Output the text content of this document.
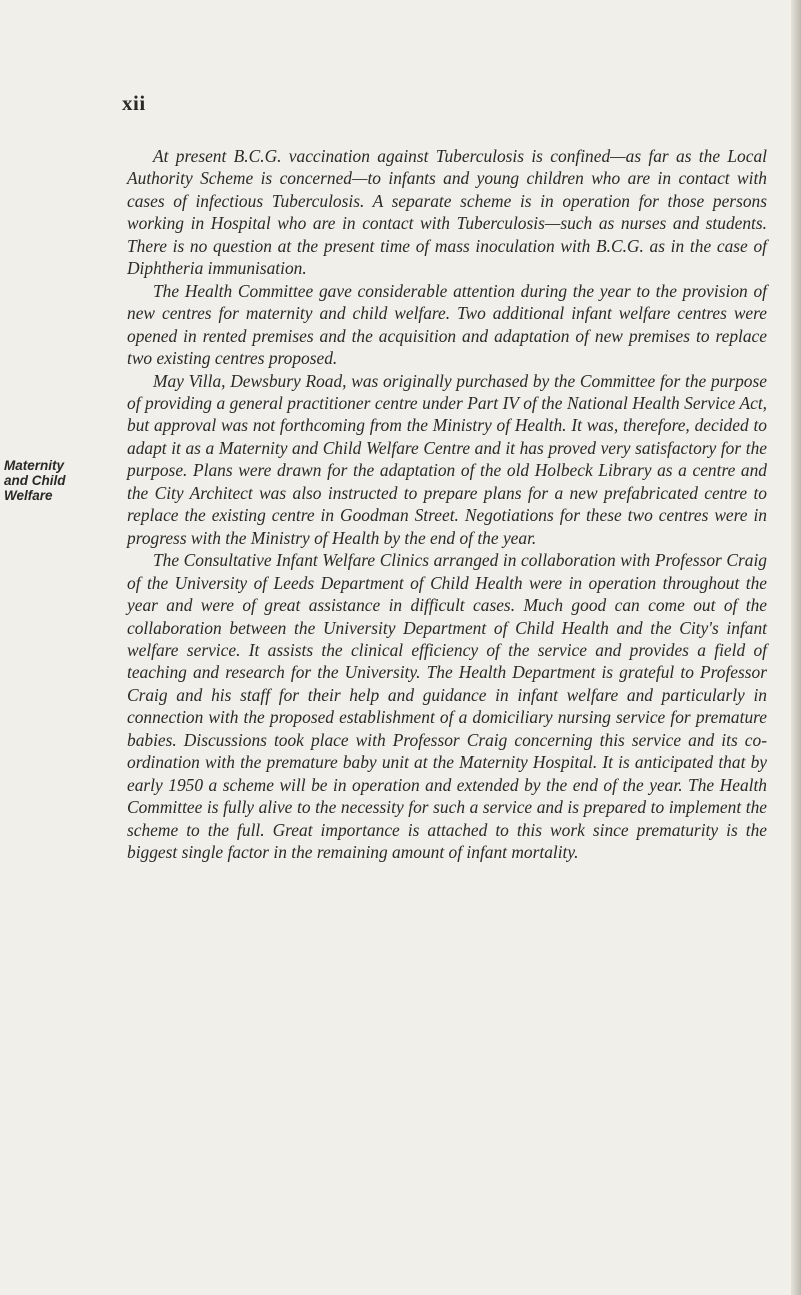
xii
Maternity
and Child
Welfare

At present B.C.G. vaccination against Tuberculosis is confined—as far as the Local Authority Scheme is concerned—to infants and young children who are in contact with cases of infectious Tuberculosis. A separate scheme is in operation for those persons working in Hospital who are in contact with Tuberculosis—such as nurses and students. There is no question at the present time of mass inoculation with B.C.G. as in the case of Diphtheria immunisation.

The Health Committee gave considerable attention during the year to the provision of new centres for maternity and child welfare. Two additional infant welfare centres were opened in rented premises and the acquisition and adaptation of new premises to replace two existing centres proposed.

May Villa, Dewsbury Road, was originally purchased by the Committee for the purpose of providing a general practitioner centre under Part IV of the National Health Service Act, but approval was not forthcoming from the Ministry of Health. It was, therefore, decided to adapt it as a Maternity and Child Welfare Centre and it has proved very satisfactory for the purpose. Plans were drawn for the adaptation of the old Holbeck Library as a centre and the City Architect was also instructed to prepare plans for a new prefabricated centre to replace the existing centre in Goodman Street. Negotiations for these two centres were in progress with the Ministry of Health by the end of the year.

The Consultative Infant Welfare Clinics arranged in collaboration with Professor Craig of the University of Leeds Department of Child Health were in operation throughout the year and were of great assistance in difficult cases. Much good can come out of the collaboration between the University Department of Child Health and the City's infant welfare service. It assists the clinical efficiency of the service and provides a field of teaching and research for the University. The Health Department is grateful to Professor Craig and his staff for their help and guidance in infant welfare and particularly in connection with the proposed establishment of a domiciliary nursing service for premature babies. Discussions took place with Professor Craig concerning this service and its co-ordination with the premature baby unit at the Maternity Hospital. It is anticipated that by early 1950 a scheme will be in operation and extended by the end of the year. The Health Committee is fully alive to the necessity for such a service and is prepared to implement the scheme to the full. Great importance is attached to this work since prematurity is the biggest single factor in the remaining amount of infant mortality.
